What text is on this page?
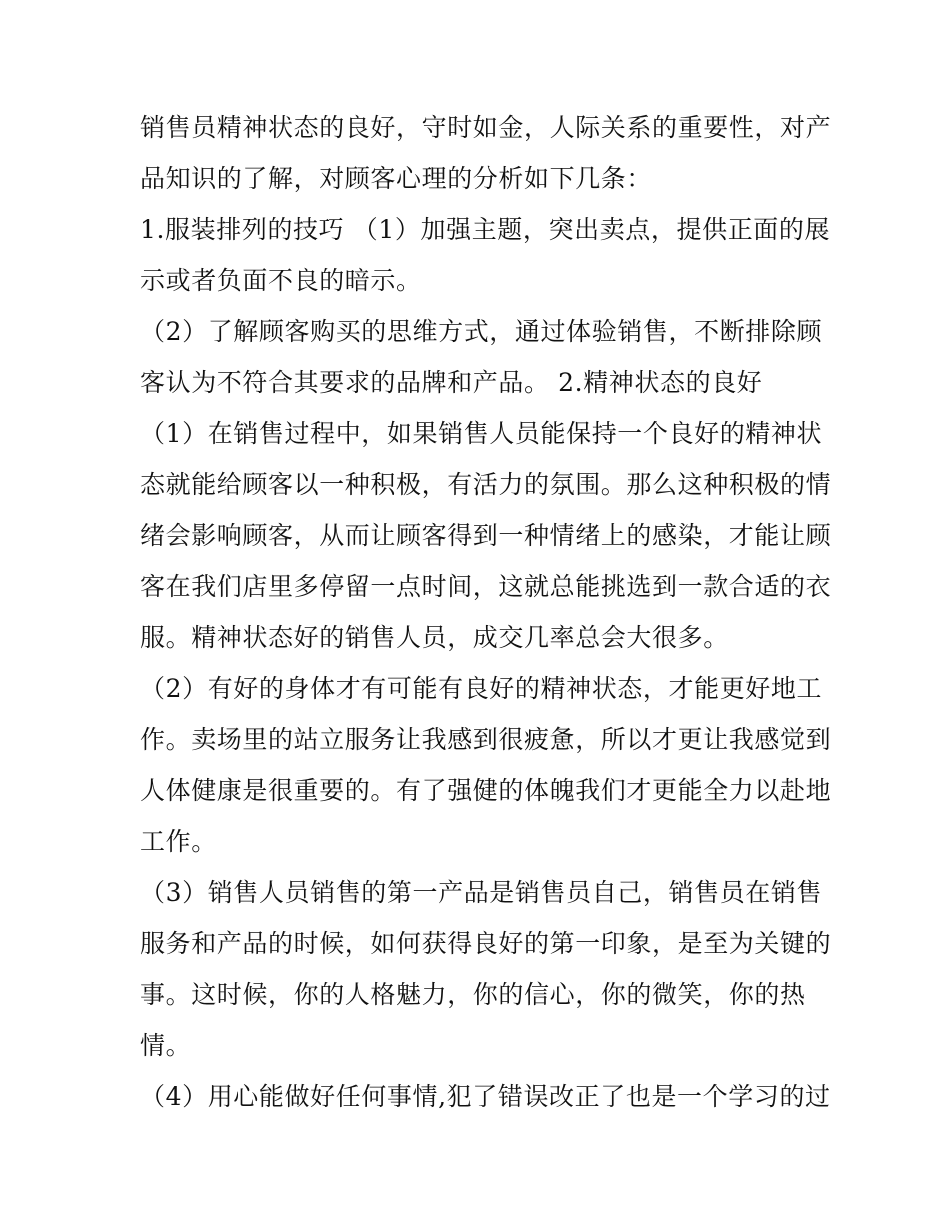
销售员精神状态的良好，守时如金，人际关系的重要性，对产
品知识的了解，对顾客心理的分析如下几条：
1.服装排列的技巧 （1）加强主题，突出卖点，提供正面的展
示或者负面不良的暗示。
（2）了解顾客购买的思维方式，通过体验销售，不断排除顾
客认为不符合其要求的品牌和产品。 2.精神状态的良好
（1）在销售过程中，如果销售人员能保持一个良好的精神状
态就能给顾客以一种积极，有活力的氛围。那么这种积极的情
绪会影响顾客，从而让顾客得到一种情绪上的感染，才能让顾
客在我们店里多停留一点时间，这就总能挑选到一款合适的衣
服。精神状态好的销售人员，成交几率总会大很多。
（2）有好的身体才有可能有良好的精神状态，才能更好地工
作。卖场里的站立服务让我感到很疲惫，所以才更让我感觉到
人体健康是很重要的。有了强健的体魄我们才更能全力以赴地
工作。
（3）销售人员销售的第一产品是销售员自己，销售员在销售
服务和产品的时候，如何获得良好的第一印象，是至为关键的
事。这时候，你的人格魅力，你的信心，你的微笑，你的热
情。
（4）用心能做好任何事情,犯了错误改正了也是一个学习的过
